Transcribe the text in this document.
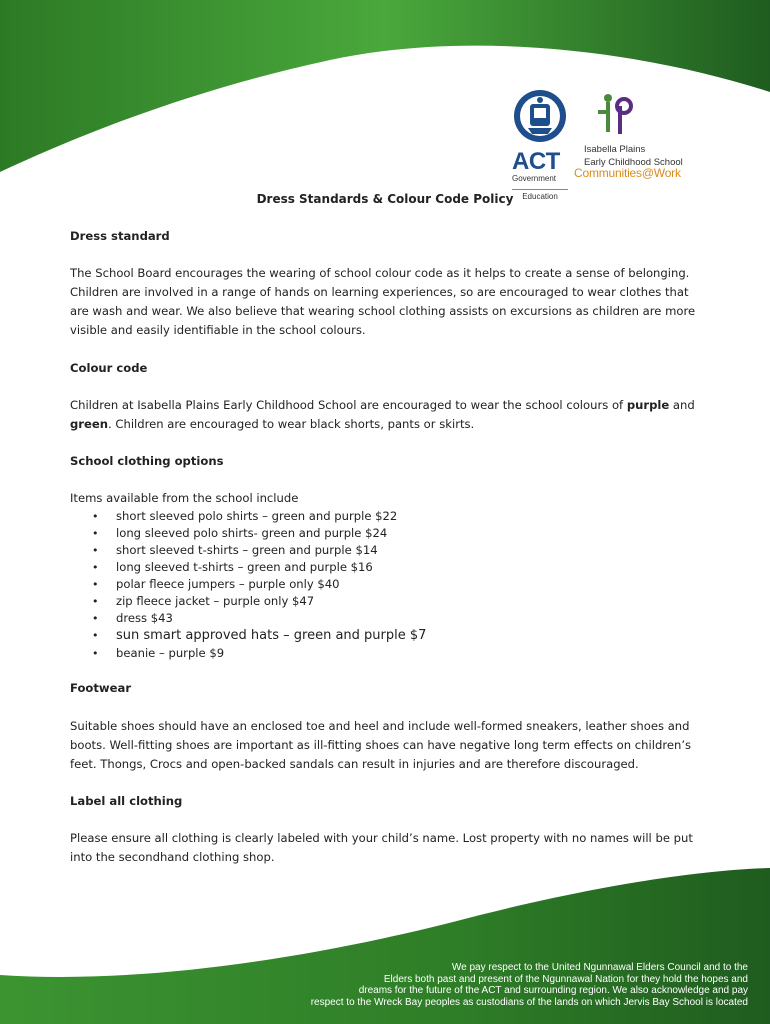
ACT
Government
Education
Isabella Plains
Early Childhood School
Communities@Work
Dress Standards & Colour Code Policy
Dress standard
The School Board encourages the wearing of school colour code as it helps to create a sense of belonging.
Children are involved in a range of hands on learning experiences, so are encouraged to wear clothes that
are wash and wear. We also believe that wearing school clothing assists on excursions as children are more
visible and easily identifiable in the school colours.
Colour code
Children at Isabella Plains Early Childhood School are encouraged to wear the school colours of purple and
green. Children are encouraged to wear black shorts, pants or skirts.
School clothing options
Items available from the school include
• short sleeved polo shirts – green and purple $22
• long sleeved polo shirts- green and purple $24
• short sleeved t-shirts – green and purple $14
• long sleeved t-shirts – green and purple $16
• polar fleece jumpers – purple only $40
• zip fleece jacket – purple only $47
• dress $43
• sun smart approved hats – green and purple $7
• beanie – purple $9
Footwear
Suitable shoes should have an enclosed toe and heel and include well-formed sneakers, leather shoes and
boots. Well-fitting shoes are important as ill-fitting shoes can have negative long term effects on children’s
feet. Thongs, Crocs and open-backed sandals can result in injuries and are therefore discouraged.
Label all clothing
Please ensure all clothing is clearly labeled with your child’s name. Lost property with no names will be put
into the secondhand clothing shop.
We pay respect to the United Ngunnawal Elders Council and to the
Elders both past and present of the Ngunnawal Nation for they hold the hopes and
dreams for the future of the ACT and surrounding region. We also acknowledge and pay
respect to the Wreck Bay peoples as custodians of the lands on which Jervis Bay School is located
